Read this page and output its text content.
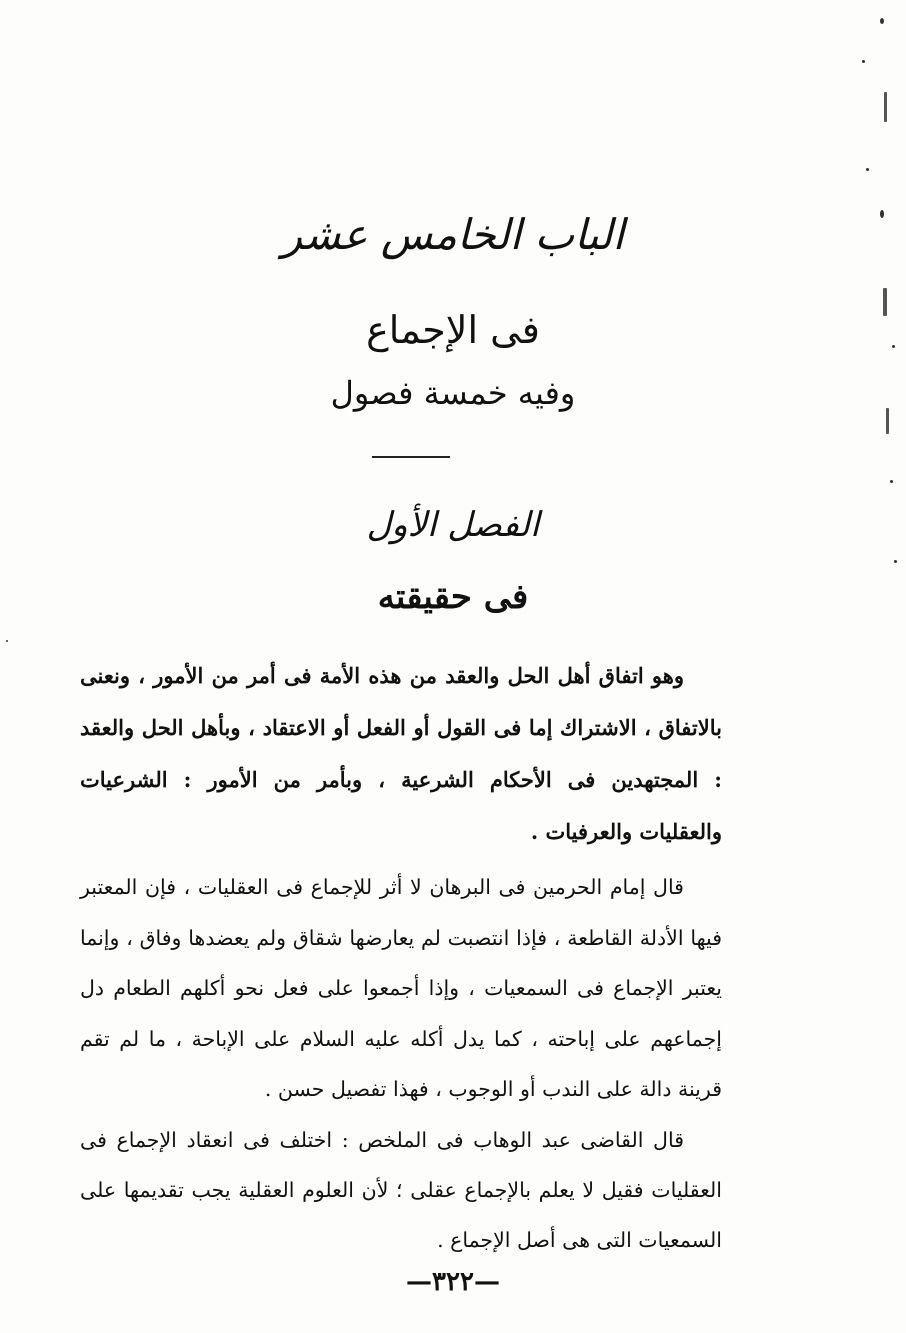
الباب الخامس عشر
فى الإجماع
وفيه خمسة فصول
الفصل الأول
فى حقيقته

وهو اتفاق أهل الحل والعقد من هذه الأمة فى أمر من الأمور ، ونعنى بالاتفاق ، الاشتراك إما فى القول أو الفعل أو الاعتقاد ، وبأهل الحل والعقد : المجتهدين فى الأحكام الشرعية ، وبأمر من الأمور : الشرعيات والعقليات والعرفيات .

قال إمام الحرمين فى البرهان لا أثر للإجماع فى العقليات ، فإن المعتبر فيها الأدلة القاطعة ، فإذا انتصبت لم يعارضها شقاق ولم يعضدها وفاق ، وإنما يعتبر الإجماع فى السمعيات ، وإذا أجمعوا على فعل نحو أكلهم الطعام دل إجماعهم على إباحته ، كما يدل أكله عليه السلام على الإباحة ، ما لم تقم قرينة دالة على الندب أو الوجوب ، فهذا تفصيل حسن .

قال القاضى عبد الوهاب فى الملخص : اختلف فى انعقاد الإجماع فى العقليات فقيل لا يعلم بالإجماع عقلى ؛ لأن العلوم العقلية يجب تقديمها على السمعيات التى هى أصل الإجماع .

—٣٢٢—
